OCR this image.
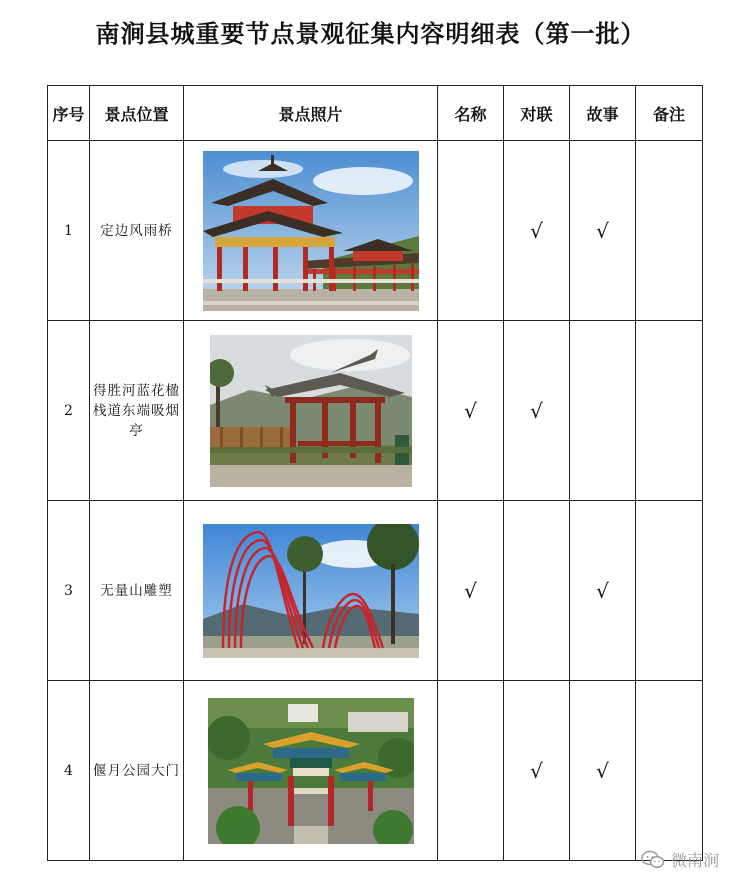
南涧县城重要节点景观征集内容明细表（第一批）
序号	景点位置	景点照片	名称	对联	故事	备注
1	定边风雨桥			√	√	
2	得胜河蓝花楹栈道东端吸烟亭		√	√		
3	无量山雕塑		√		√	
4	偃月公园大门			√	√	
微南涧
